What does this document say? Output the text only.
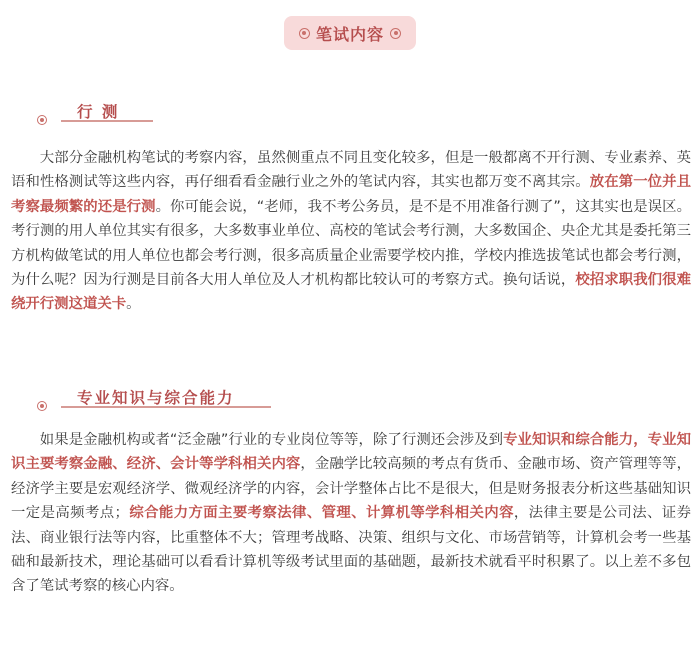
笔试内容
行 测

大部分金融机构笔试的考察内容，虽然侧重点不同且变化较多，但是一般都离不开行测、专业素养、英语和性格测试等这些内容，再仔细看看金融行业之外的笔试内容，其实也都万变不离其宗。放在第一位并且考察最频繁的还是行测。你可能会说，“老师，我不考公务员，是不是不用准备行测了”，这其实也是误区。考行测的用人单位其实有很多，大多数事业单位、高校的笔试会考行测，大多数国企、央企尤其是委托第三方机构做笔试的用人单位也都会考行测，很多高质量企业需要学校内推，学校内推选拔笔试也都会考行测，为什么呢？因为行测是目前各大用人单位及人才机构都比较认可的考察方式。换句话说，校招求职我们很难绕开行测这道关卡。

专业知识与综合能力

如果是金融机构或者“泛金融”行业的专业岗位等等，除了行测还会涉及到专业知识和综合能力，专业知识主要考察金融、经济、会计等学科相关内容，金融学比较高频的考点有货币、金融市场、资产管理等等，经济学主要是宏观经济学、微观经济学的内容，会计学整体占比不是很大，但是财务报表分析这些基础知识一定是高频考点；综合能力方面主要考察法律、管理、计算机等学科相关内容，法律主要是公司法、证券法、商业银行法等内容，比重整体不大；管理考战略、决策、组织与文化、市场营销等，计算机会考一些基础和最新技术，理论基础可以看看计算机等级考试里面的基础题，最新技术就看平时积累了。以上差不多包含了笔试考察的核心内容。
